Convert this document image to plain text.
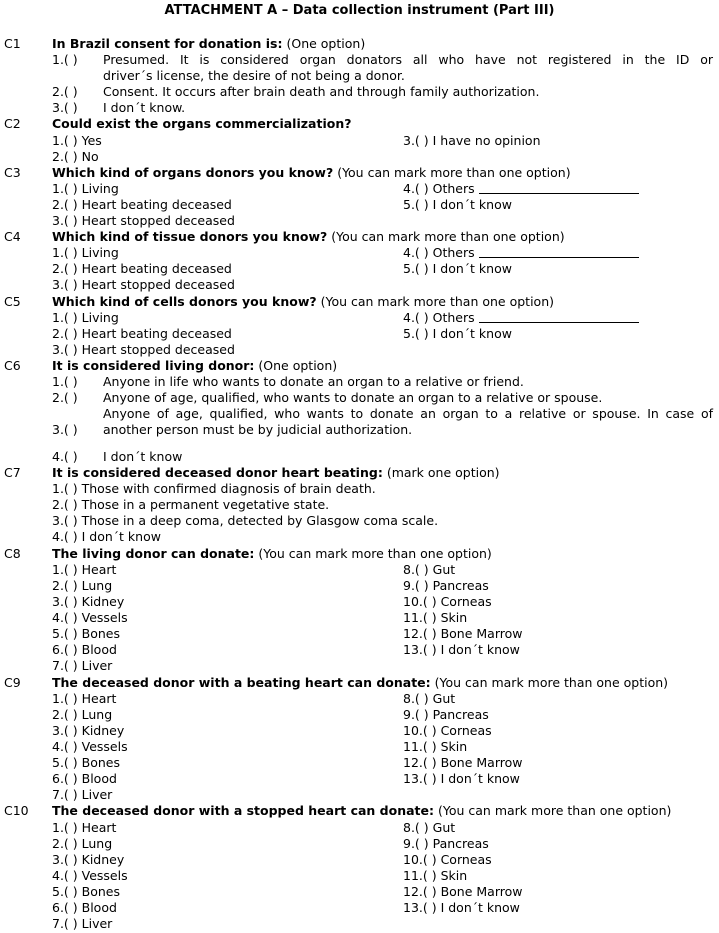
ATTACHMENT A – Data collection instrument (Part III)
C1	In Brazil consent for donation is: (One option)
1.( ) Presumed. It is considered organ donators all who have not registered in the ID or
driver´s license, the desire of not being a donor.
2.( ) Consent. It occurs after brain death and through family authorization.
3.( ) I don´t know.
C2	Could exist the organs commercialization?
1.( ) Yes	3.( ) I have no opinion
2.( ) No
C3	Which kind of organs donors you know? (You can mark more than one option)
1.( ) Living	4.( ) Others
2.( ) Heart beating deceased	5.( ) I don´t know
3.( ) Heart stopped deceased
C4	Which kind of tissue donors you know? (You can mark more than one option)
1.( ) Living	4.( ) Others
2.( ) Heart beating deceased	5.( ) I don´t know
3.( ) Heart stopped deceased
C5	Which kind of cells donors you know? (You can mark more than one option)
1.( ) Living	4.( ) Others
2.( ) Heart beating deceased	5.( ) I don´t know
3.( ) Heart stopped deceased
C6	It is considered living donor: (One option)
1.( ) Anyone in life who wants to donate an organ to a relative or friend.
2.( ) Anyone of age, qualified, who wants to donate an organ to a relative or spouse.
Anyone of age, qualified, who wants to donate an organ to a relative or spouse. In case of
3.( ) another person must be by judicial authorization.
4.( ) I don´t know
C7	It is considered deceased donor heart beating: (mark one option)
1.( ) Those with confirmed diagnosis of brain death.
2.( ) Those in a permanent vegetative state.
3.( ) Those in a deep coma, detected by Glasgow coma scale.
4.( ) I don´t know
C8	The living donor can donate: (You can mark more than one option)
1.( ) Heart	8.( ) Gut
2.( ) Lung	9.( ) Pancreas
3.( ) Kidney	10.( ) Corneas
4.( ) Vessels	11.( ) Skin
5.( ) Bones	12.( ) Bone Marrow
6.( ) Blood	13.( ) I don´t know
7.( ) Liver
C9	The deceased donor with a beating heart can donate: (You can mark more than one option)
1.( ) Heart	8.( ) Gut
2.( ) Lung	9.( ) Pancreas
3.( ) Kidney	10.( ) Corneas
4.( ) Vessels	11.( ) Skin
5.( ) Bones	12.( ) Bone Marrow
6.( ) Blood	13.( ) I don´t know
7.( ) Liver
C10 The deceased donor with a stopped heart can donate: (You can mark more than one option)
1.( ) Heart	8.( ) Gut
2.( ) Lung	9.( ) Pancreas
3.( ) Kidney	10.( ) Corneas
4.( ) Vessels	11.( ) Skin
5.( ) Bones	12.( ) Bone Marrow
6.( ) Blood	13.( ) I don´t know
7.( ) Liver
